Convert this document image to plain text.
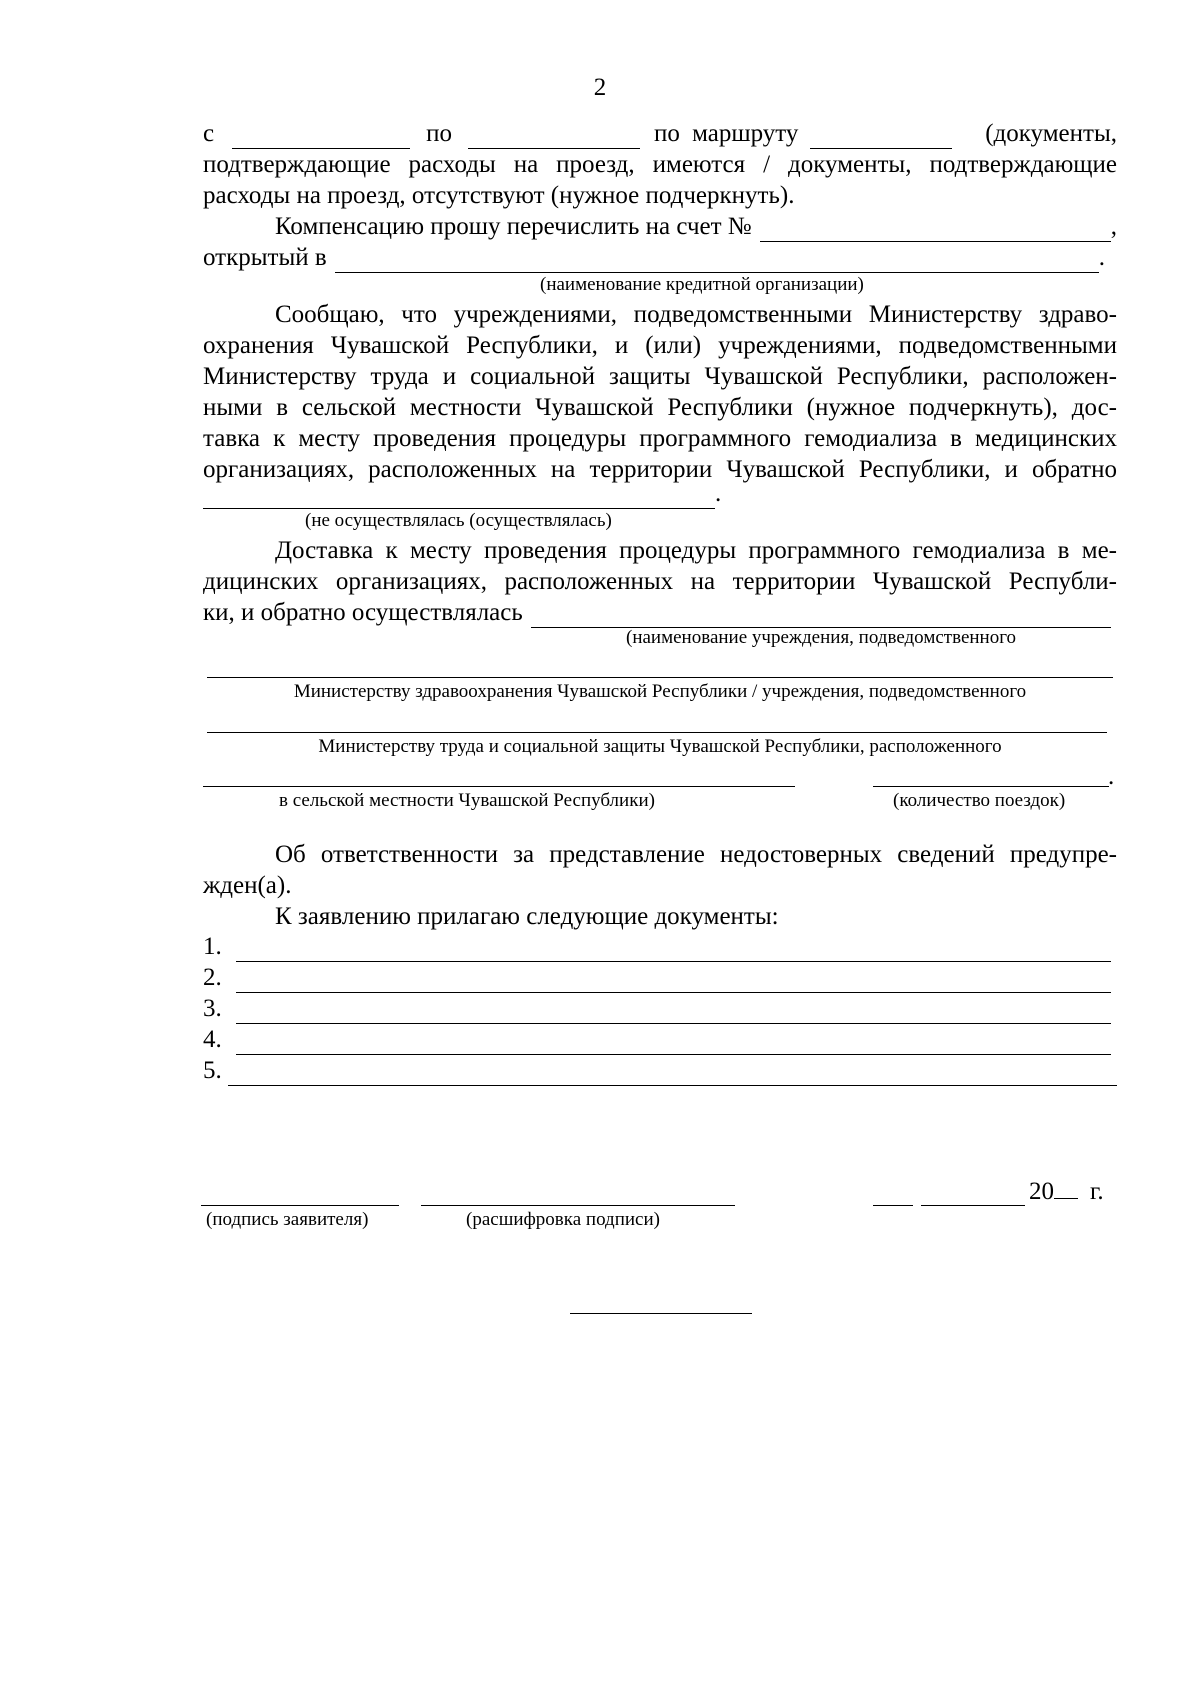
2
с	по	по маршруту	(документы,
подтверждающие расходы на проезд, имеются / документы, подтверждающие
расходы на проезд, отсутствуют (нужное подчеркнуть).
Компенсацию прошу перечислить на счет №	,
открытый в	.
(наименование кредитной организации)
Сообщаю, что учреждениями, подведомственными Министерству здраво-
охранения Чувашской Республики, и (или) учреждениями, подведомственными
Министерству труда и социальной защиты Чувашской Республики, расположен-
ными в сельской местности Чувашской Республики (нужное подчеркнуть), дос-
тавка к месту проведения процедуры программного гемодиализа в медицинских
организациях, расположенных на территории Чувашской Республики, и обратно
.
(не осуществлялась (осуществлялась)
Доставка к месту проведения процедуры программного гемодиализа в ме-
дицинских организациях, расположенных на территории Чувашской Республи-
ки, и обратно осуществлялась
(наименование учреждения, подведомственного
Министерству здравоохранения Чувашской Республики / учреждения, подведомственного
Министерству труда и социальной защиты Чувашской Республики, расположенного
.
в сельской местности Чувашской Республики)	(количество поездок)
Об ответственности за представление недостоверных сведений предупре-
жден(а).
К заявлению прилагаю следующие документы:
1.
2.
3.
4.
5.
20 г.
(подпись заявителя)	(расшифровка подписи)
